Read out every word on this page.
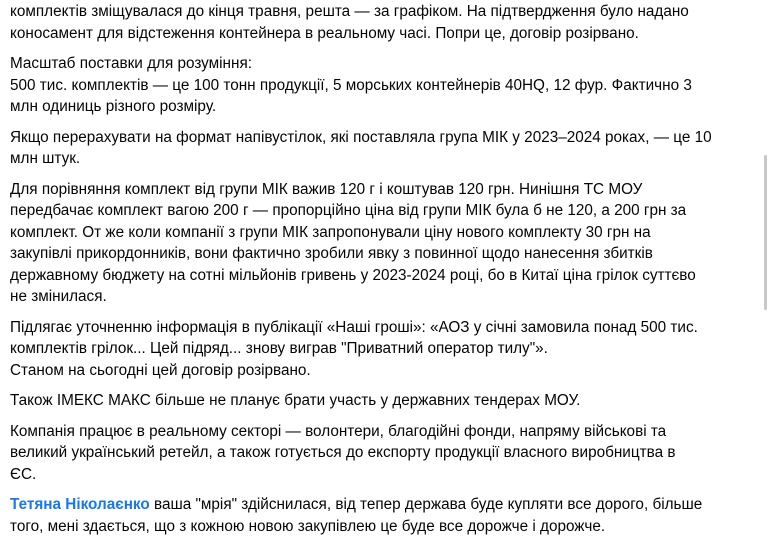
комплектів зміщувалася до кінця травня, решта — за графіком. На підтвердження було надано
коносамент для відстеження контейнера в реальному часі. Попри це, договір розірвано.
Масштаб поставки для розуміння:
500 тис. комплектів — це 100 тонн продукції, 5 морських контейнерів 40HQ, 12 фур. Фактично 3
млн одиниць різного розміру.
Якщо перерахувати на формат напівустілок, які поставляла група МІК у 2023–2024 роках, — це 10
млн штук.
Для порівняння комплект від групи МІК важив 120 г і коштував 120 грн. Нинішня ТС МОУ
передбачає комплект вагою 200 г — пропорційно ціна від групи МІК була б не 120, а 200 грн за
комплект. От же коли компанії з групи МІК запропонували ціну нового комплекту 30 грн на
закупівлі прикордонників, вони фактично зробили явку з повинної щодо нанесення збитків
державному бюджету на сотні мільйонів гривень у 2023-2024 році, бо в Китаї ціна грілок суттєво
не змінилася.
Підлягає уточненню інформація в публікації «Наші гроші»: «АОЗ у січні замовила понад 500 тис.
комплектів грілок... Цей підряд... знову виграв "Приватний оператор тилу"».
Станом на сьогодні цей договір розірвано.
Також ІМЕКС МАКС більше не планує брати участь у державних тендерах МОУ.
Компанія працює в реальному секторі — волонтери, благодійні фонди, напряму військові та
великий український ретейл, а також готується до експорту продукції власного виробництва в
ЄС.
Тетяна Ніколаєнко ваша "мрія" здійснилася, від тепер держава буде купляти все дорого, більше
того, мені здається, що з кожною новою закупівлею це буде все дорожче і дорожче.
